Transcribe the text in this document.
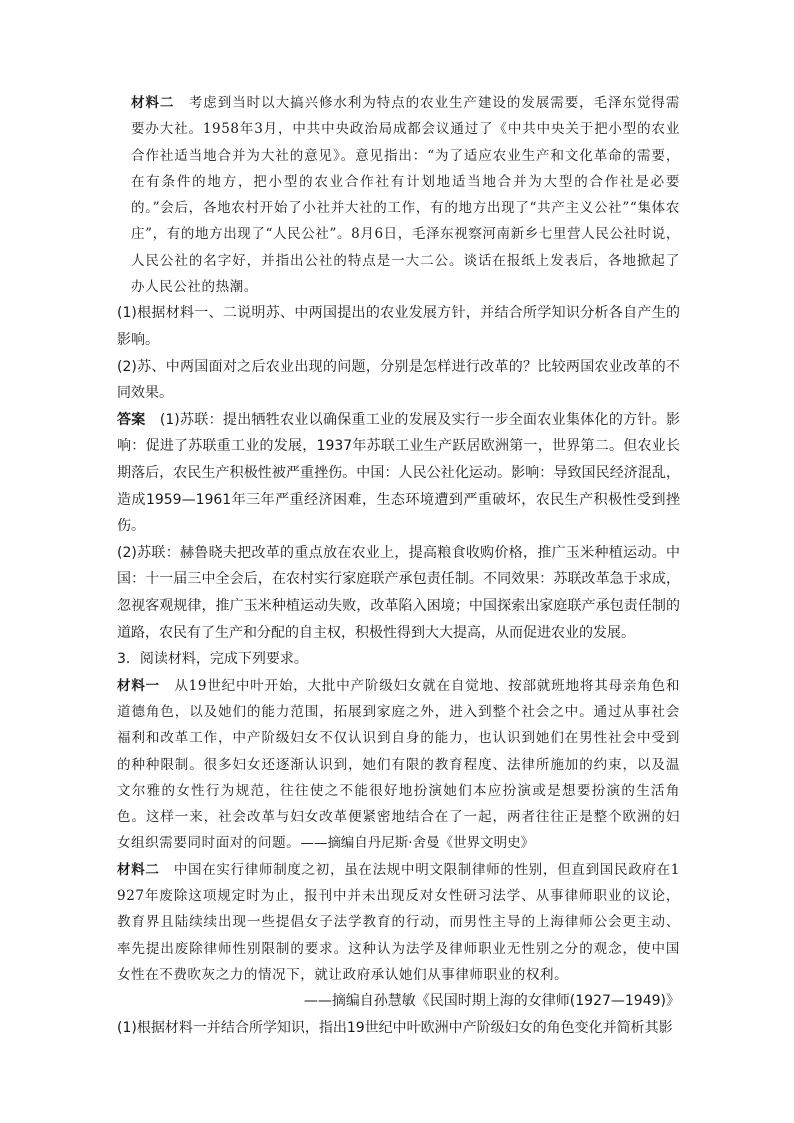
材料二　 考虑到当时以大搞兴修水利为特点的农业生产建设的发展需要，毛泽东觉得需要办大社。1958年3月，中共中央政治局成都会议通过了《中共中央关于把小型的农业合作社适当地合并为大社的意见》。意见指出：“为了适应农业生产和文化革命的需要，在有条件的地方，把小型的农业合作社有计划地适当地合并为大型的合作社是必要的。”会后，各地农村开始了小社并大社的工作，有的地方出现了“共产主义公社”“集体农庄”，有的地方出现了“人民公社”。8月6日，毛泽东视察河南新乡七里营人民公社时说，人民公社的名字好，并指出公社的特点是一大二公。谈话在报纸上发表后，各地掀起了办人民公社的热潮。

(1)根据材料一、二说明苏、中两国提出的农业发展方针，并结合所学知识分析各自产生的影响。

(2)苏、中两国面对之后农业出现的问题，分别是怎样进行改革的？比较两国农业改革的不同效果。

答案　 (1)苏联：提出牺牲农业以确保重工业的发展及实行一步全面农业集体化的方针。影响：促进了苏联重工业的发展，1937年苏联工业生产跃居欧洲第一，世界第二。但农业长期落后，农民生产积极性被严重挫伤。中国：人民公社化运动。影响：导致国民经济混乱，造成1959—1961年三年严重经济困难，生态环境遭到严重破坏，农民生产积极性受到挫伤。

(2)苏联：赫鲁晓夫把改革的重点放在农业上，提高粮食收购价格，推广玉米种植运动。中国：十一届三中全会后，在农村实行家庭联产承包责任制。不同效果：苏联改革急于求成，忽视客观规律，推广玉米种植运动失败，改革陷入困境；中国探索出家庭联产承包责任制的道路，农民有了生产和分配的自主权，积极性得到大大提高，从而促进农业的发展。

3．阅读材料，完成下列要求。

材料一　 从19世纪中叶开始，大批中产阶级妇女就在自觉地、按部就班地将其母亲角色和道德角色，以及她们的能力范围，拓展到家庭之外，进入到整个社会之中。通过从事社会福利和改革工作，中产阶级妇女不仅认识到自身的能力，也认识到她们在男性社会中受到的种种限制。很多妇女还逐渐认识到，她们有限的教育程度、法律所施加的约束，以及温文尔雅的女性行为规范，往往使之不能很好地扮演她们本应扮演或是想要扮演的生活角色。这样一来，社会改革与妇女改革便紧密地结合在了一起，两者往往正是整个欧洲的妇女组织需要同时面对的问题。——摘编自丹尼斯·舍曼《世界文明史》

材料二　 中国在实行律师制度之初，虽在法规中明文限制律师的性别，但直到国民政府在1927年废除这项规定时为止，报刊中并未出现反对女性研习法学、从事律师职业的议论，教育界且陆续续出现一些提倡女子法学教育的行动，而男性主导的上海律师公会更主动、率先提出废除律师性别限制的要求。这种认为法学及律师职业无性别之分的观念，使中国女性在不费吹灰之力的情况下，就让政府承认她们从事律师职业的权利。

——摘编自孙慧敏《民国时期上海的女律师(1927—1949)》

(1)根据材料一并结合所学知识，指出19世纪中叶欧洲中产阶级妇女的角色变化并简析其影
